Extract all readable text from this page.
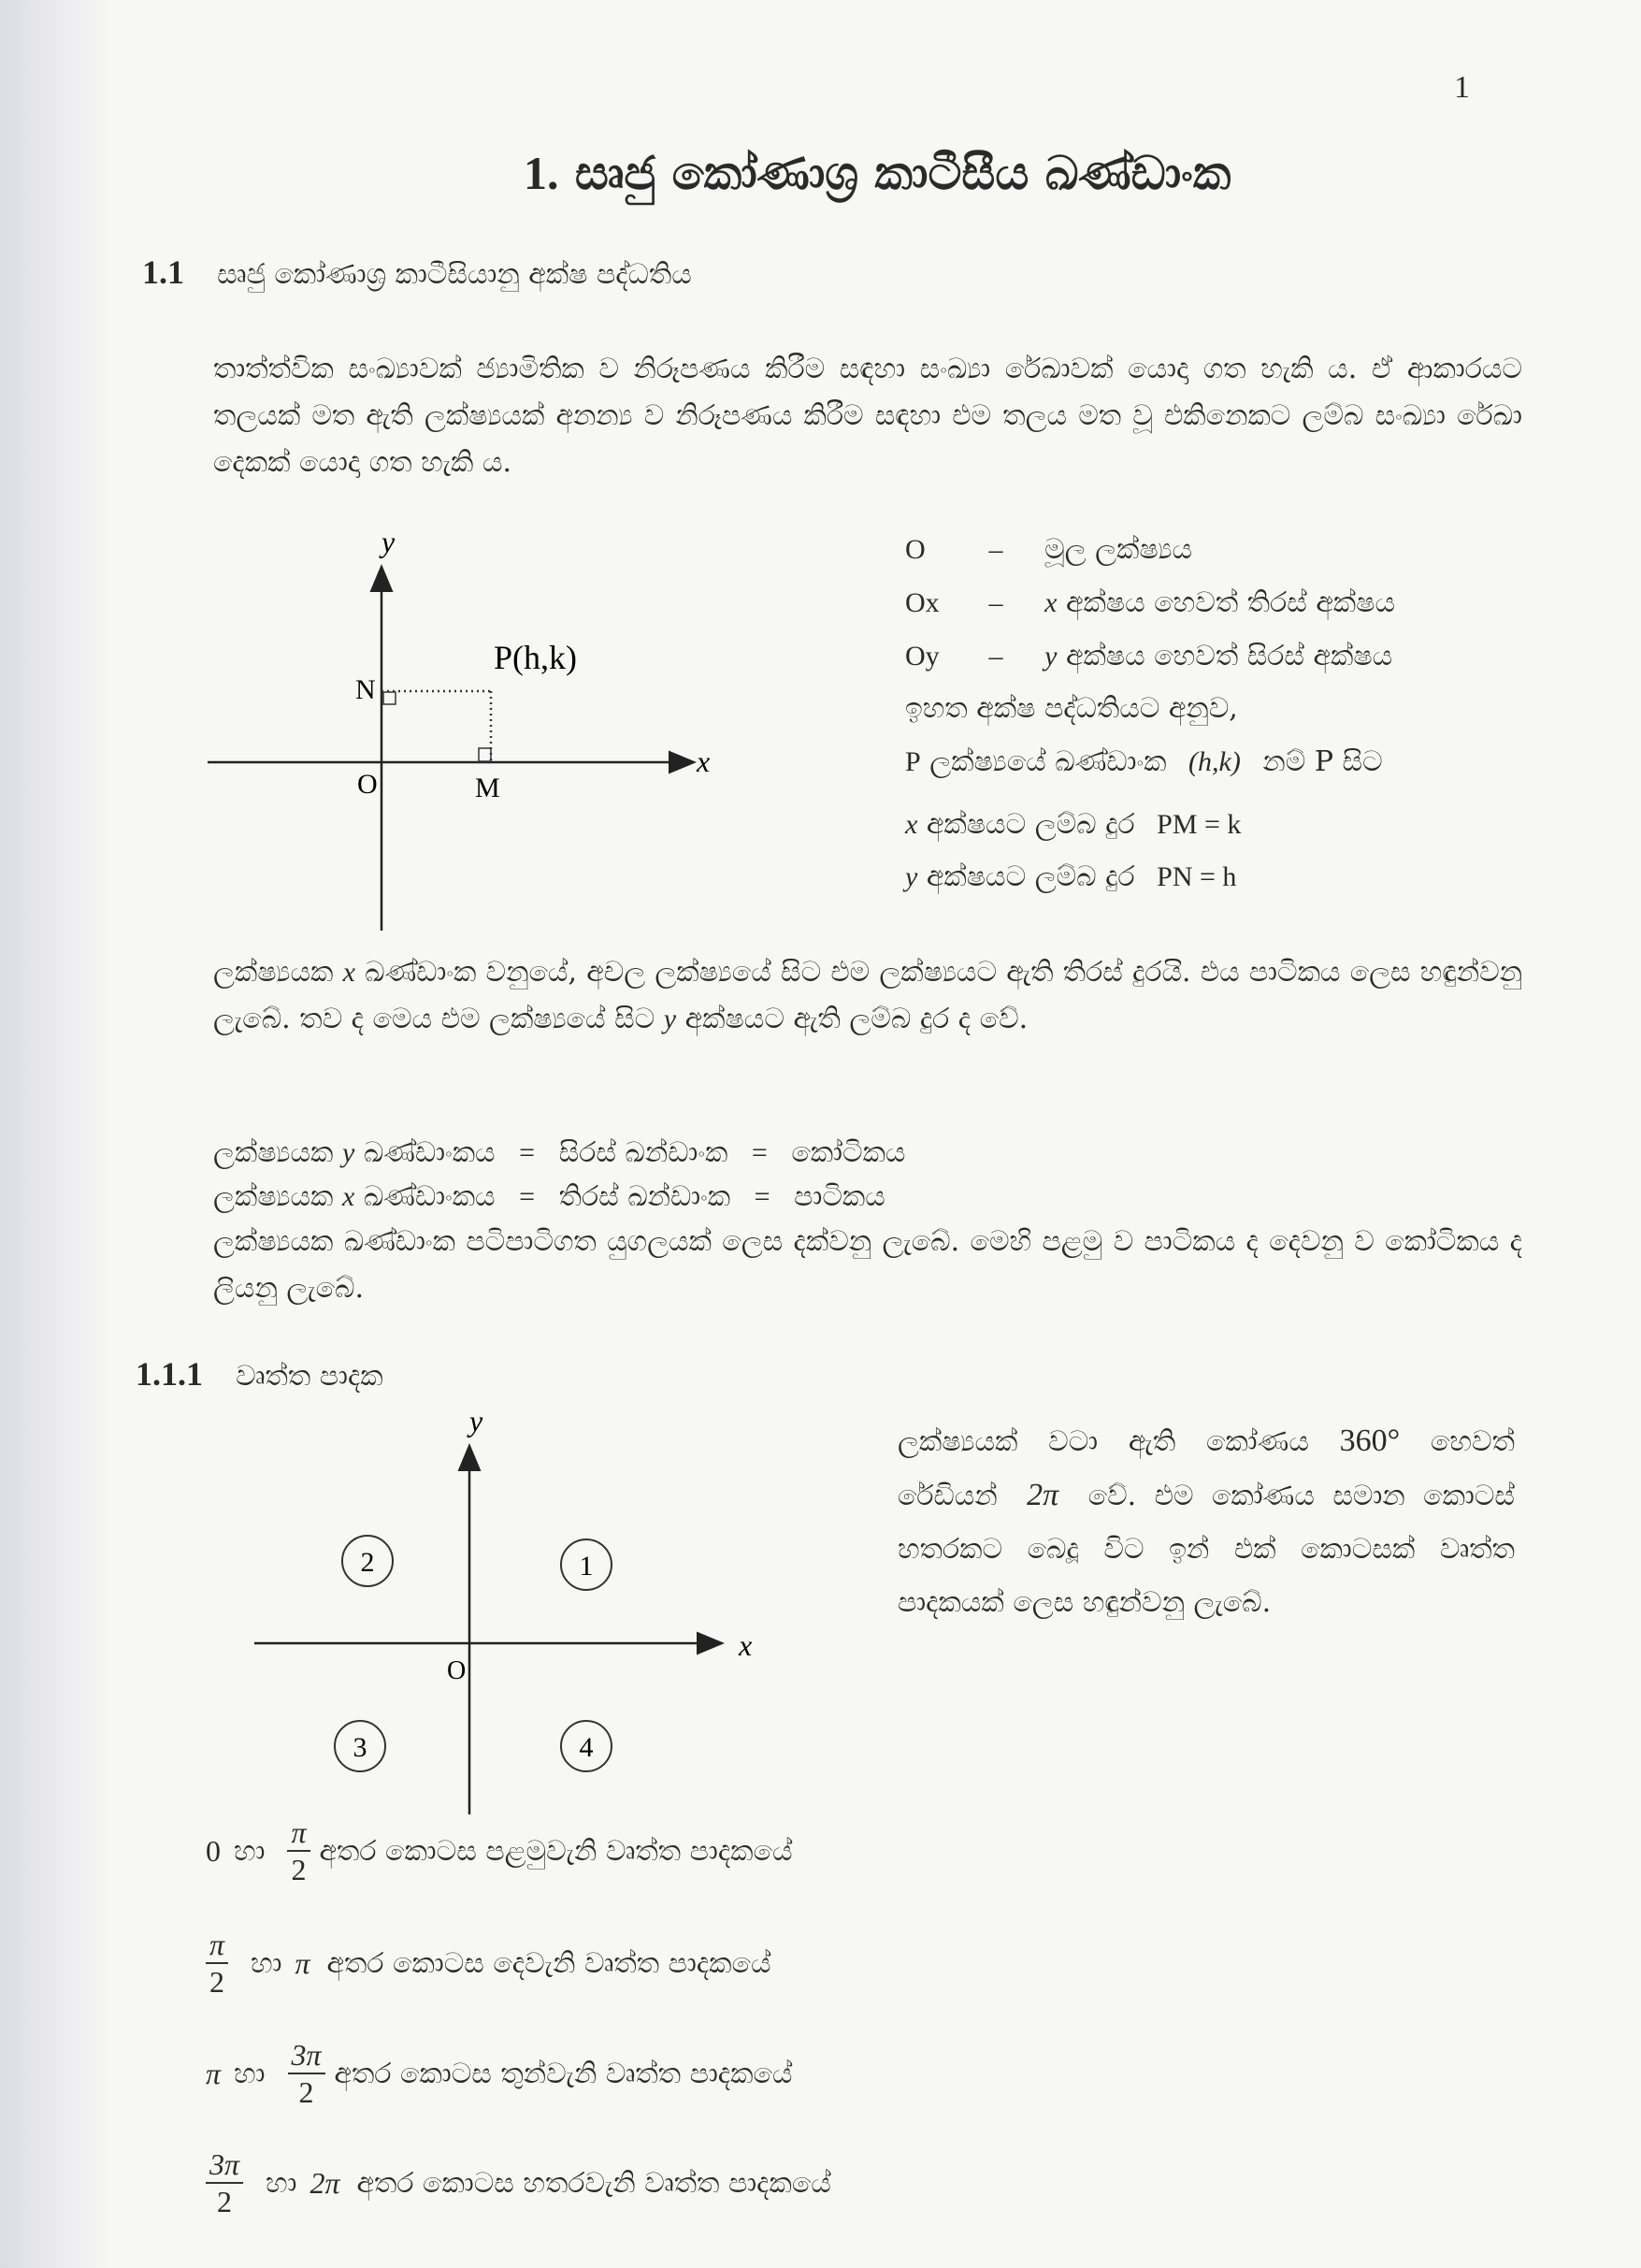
1
1. සෘජු කෝණාශ්‍ර කාටීසීය ඛණ්ඩාංක
1.1 සෘජු කෝණාශ්‍ර කාටීසියානු අක්ෂ පද්ධතිය
තාත්ත්වික සංඛ්‍යාවක් ජ්‍යාමිතික ව නිරූපණය කිරීම සඳහා සංඛ්‍යා රේඛාවක් යොදා ගත හැකි ය. ඒ ආකාරයට තලයක් මත ඇති ලක්ෂ්‍යයක් අනන්‍ය ව නිරූපණය කිරීම සඳහා එම තලය මත වූ එකිනෙකට ලම්බ සංඛ්‍යා රේඛා දෙකක් යොදා ගත හැකි ය.
y
x
O
N
M
P(h,k)
O – මූල ලක්ෂ්‍යය
Ox – x අක්ෂය හෙවත් තිරස් අක්ෂය
Oy – y අක්ෂය හෙවත් සිරස් අක්ෂය
ඉහත අක්ෂ පද්ධතියට අනුව,
P ලක්ෂ්‍යයේ ඛණ්ඩාංක (h,k) නම් P සිට
x අක්ෂයට ලම්බ දුර PM = k
y අක්ෂයට ලම්බ දුර PN = h
ලක්ෂ්‍යයක x ඛණ්ඩාංක වනුයේ, අචල ලක්ෂ්‍යයේ සිට එම ලක්ෂ්‍යයට ඇති තිරස් දුරයි. එය පාටිකය ලෙස හඳුන්වනු ලැබේ. තව ද මෙය එම ලක්ෂ්‍යයේ සිට y අක්ෂයට ඇති ලම්බ දුර ද වේ.
ලක්ෂ්‍යයක y ඛණ්ඩාංකය = සිරස් ඛන්ඩාංක = කෝටිකය
ලක්ෂ්‍යයක x ඛණ්ඩාංකය = තිරස් ඛන්ඩාංක = පාටිකය
ලක්ෂ්‍යයක ඛණ්ඩාංක පටිපාටිගත යුගලයක් ලෙස දක්වනු ලැබේ. මෙහි පළමු ව පාටිකය ද දෙවනු ව කෝටිකය ද ලියනු ලැබේ.
1.1.1 වෘත්ත පාදක
y
x
O
1
2
3	4
ලක්ෂ්‍යයක් වටා ඇති කෝණය 360° හෙවත් රේඩියන් 2π වේ. එම කෝණය සමාන කොටස් හතරකට බෙදූ විට ඉන් එක් කොටසක් වෘත්ත පාදකයක් ලෙස හඳුන්වනු ලැබේ.
0 හා $\frac{\pi}{2}$ අතර කොටස පළමුවැනි වෘත්ත පාදකයේ
$\frac{\pi}{2}$ හා π අතර කොටස දෙවැනි වෘත්ත පාදකයේ
π හා $\frac{3\pi}{2}$ අතර කොටස තුන්වැනි වෘත්ත පාදකයේ
$\frac{3\pi}{2}$ හා 2π අතර කොටස හතරවැනි වෘත්ත පාදකයේ
